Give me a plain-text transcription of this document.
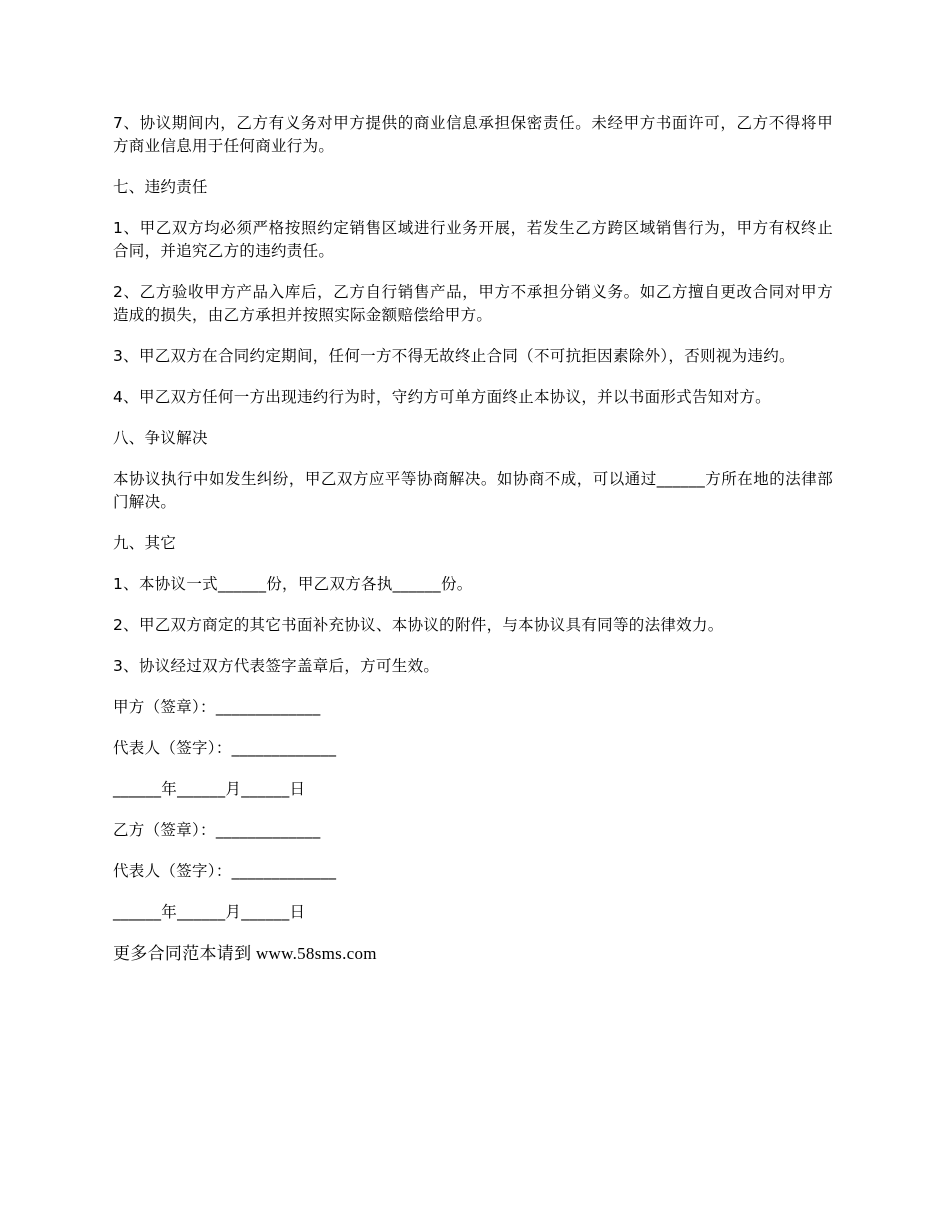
7、协议期间内，乙方有义务对甲方提供的商业信息承担保密责任。未经甲方书面许可，乙方不得将甲方商业信息用于任何商业行为。

七、违约责任

1、甲乙双方均必须严格按照约定销售区域进行业务开展，若发生乙方跨区域销售行为，甲方有权终止合同，并追究乙方的违约责任。

2、乙方验收甲方产品入库后，乙方自行销售产品，甲方不承担分销义务。如乙方擅自更改合同对甲方造成的损失，由乙方承担并按照实际金额赔偿给甲方。

3、甲乙双方在合同约定期间，任何一方不得无故终止合同（不可抗拒因素除外），否则视为违约。

4、甲乙双方任何一方出现违约行为时，守约方可单方面终止本协议，并以书面形式告知对方。

八、争议解决

本协议执行中如发生纠纷，甲乙双方应平等协商解决。如协商不成，可以通过______方所在地的法律部门解决。

九、其它

1、本协议一式______份，甲乙双方各执______份。

2、甲乙双方商定的其它书面补充协议、本协议的附件，与本协议具有同等的法律效力。

3、协议经过双方代表签字盖章后，方可生效。

甲方（签章）：_____________

代表人（签字）：_____________

______年______月______日

乙方（签章）：_____________

代表人（签字）：_____________

______年______月______日

更多合同范本请到 www.58sms.com
